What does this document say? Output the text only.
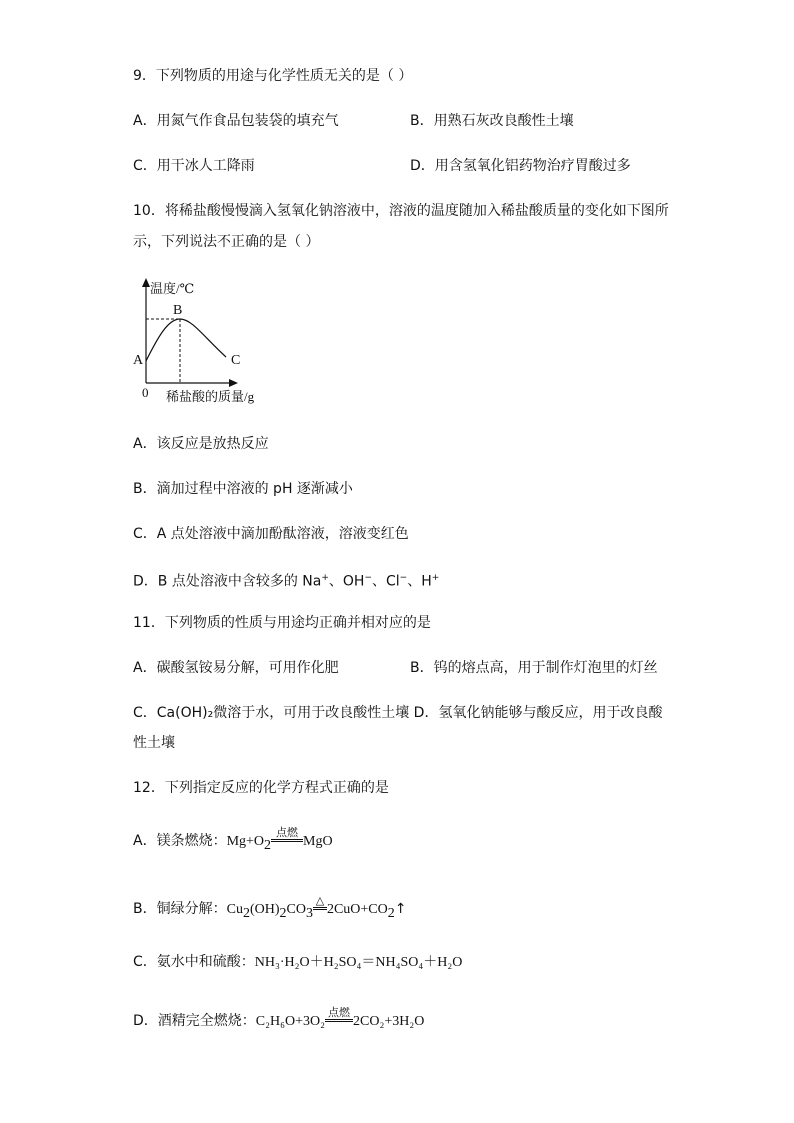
9．下列物质的用途与化学性质无关的是（ ）
A．用氮气作食品包装袋的填充气	B．用熟石灰改良酸性土壤
C．用干冰人工降雨	D．用含氢氧化铝药物治疗胃酸过多
10．将稀盐酸慢慢滴入氢氧化钠溶液中，溶液的温度随加入稀盐酸质量的变化如下图所
示，下列说法不正确的是（ ）
温度/℃
B
A	C
0 稀盐酸的质量/g
A．该反应是放热反应
B．滴加过程中溶液的 pH 逐渐减小
C．A 点处溶液中滴加酚酞溶液，溶液变红色
D．B 点处溶液中含较多的 Na+、OH−、Cl−、H+
11．下列物质的性质与用途均正确并相对应的是
A．碳酸氢铵易分解，可用作化肥	B．钨的熔点高，用于制作灯泡里的灯丝
C．Ca(OH)₂微溶于水，可用于改良酸性土壤 D．氢氧化钠能够与酸反应，用于改良酸
性土壤
12．下列指定反应的化学方程式正确的是
A．镁条燃烧：$Mg+O_2$
点燃
MgO
B．铜绿分解：$Cu_2(OH)_2CO_3$
△
$2CuO+CO_2↑$
C．氨水中和硫酸：NH₃·H₂O＋H₂SO₄＝NH₄SO₄＋H₂O
D．酒精完全燃烧：C₂H₆O+3O₂
点燃
2CO₂+3H₂O
